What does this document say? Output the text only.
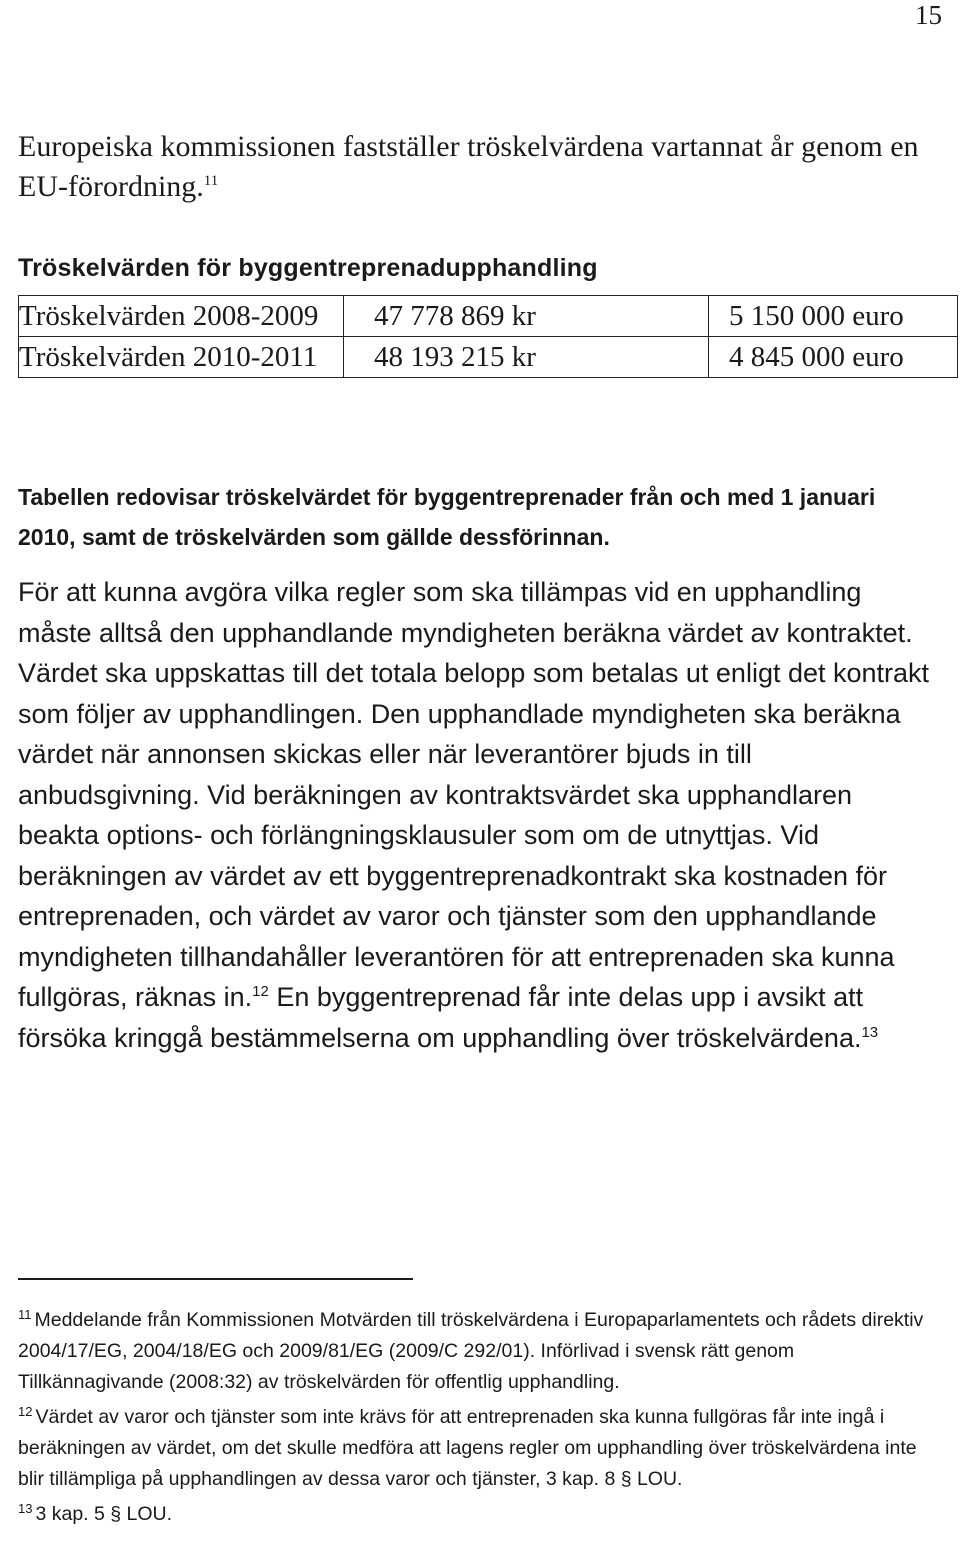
15

Europeiska kommissionen fastställer tröskelvärdena vartannat år genom en EU-förordning.$^{11}$

Tröskelvärden för byggentreprenadupphandling

Tröskelvärden 2008-2009	47 778 869 kr	5 150 000 euro
Tröskelvärden 2010-2011	48 193 215 kr	4 845 000 euro

Tabellen redovisar tröskelvärdet för byggentreprenader från och med 1 januari 2010, samt de tröskelvärden som gällde dessförinnan.

För att kunna avgöra vilka regler som ska tillämpas vid en upphandling måste alltså den upphandlande myndigheten beräkna värdet av kontraktet. Värdet ska uppskattas till det totala belopp som betalas ut enligt det kontrakt som följer av upphandlingen. Den upphandlade myndigheten ska beräkna värdet när annonsen skickas eller när leverantörer bjuds in till anbudsgivning. Vid beräkningen av kontraktsvärdet ska upphandlaren beakta options- och förlängningsklausuler som om de utnyttjas. Vid beräkningen av värdet av ett byggentreprenadkontrakt ska kostnaden för entreprenaden, och värdet av varor och tjänster som den upphandlande myndigheten tillhandahåller leverantören för att entreprenaden ska kunna fullgöras, räknas in.$^{12}$ En byggentreprenad får inte delas upp i avsikt att försöka kringgå bestämmelserna om upphandling över tröskelvärdena.$^{13}$

$^{11}$ Meddelande från Kommissionen Motvärden till tröskelvärdena i Europaparlamentets och rådets direktiv 2004/17/EG, 2004/18/EG och 2009/81/EG (2009/C 292/01). Införlivad i svensk rätt genom Tillkännagivande (2008:32) av tröskelvärden för offentlig upphandling.

$^{12}$ Värdet av varor och tjänster som inte krävs för att entreprenaden ska kunna fullgöras får inte ingå i beräkningen av värdet, om det skulle medföra att lagens regler om upphandling över tröskelvärdena inte blir tillämpliga på upphandlingen av dessa varor och tjänster, 3 kap. 8 § LOU.

$^{13}$ 3 kap. 5 § LOU.
